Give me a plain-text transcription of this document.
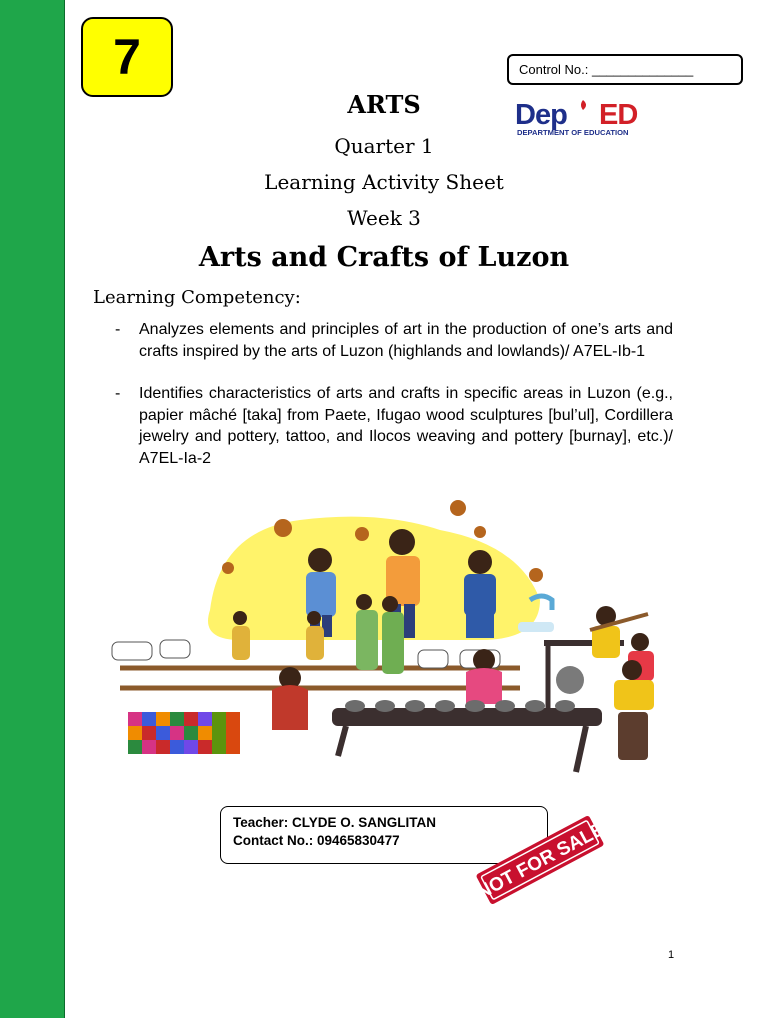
7	Control No.: ______________
Dep ED
DEPARTMENT OF EDUCATION
ARTS
Quarter 1
Learning Activity Sheet
Week 3
Arts and Crafts of Luzon
Learning Competency:
- Analyzes elements and principles of art in the production of one’s arts and crafts inspired by the arts of Luzon (highlands and lowlands)/ A7EL-Ib-1
- Identifies characteristics of arts and crafts in specific areas in Luzon (e.g., papier mâché [taka] from Paete, Ifugao wood sculptures [bul’ul], Cordillera jewelry and pottery, tattoo, and Ilocos weaving and pottery [burnay], etc.)/ A7EL-Ia-2
Teacher: CLYDE O. SANGLITAN
Contact No.: 09465830477	NOT FOR SALE
1
